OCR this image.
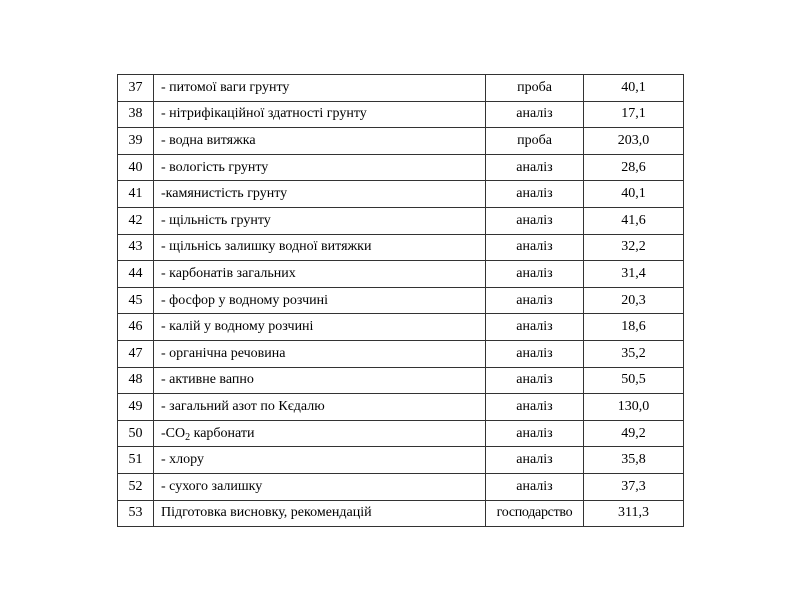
37	- питомої ваги грунту	проба	40,1
38	- нітрифікаційної здатності грунту	аналіз	17,1
39	- водна витяжка	проба	203,0
40	- вологість грунту	аналіз	28,6
41	-камянистість грунту	аналіз	40,1
42	- щільність грунту	аналіз	41,6
43	- щільнісь залишку водної витяжки	аналіз	32,2
44	- карбонатів загальних	аналіз	31,4
45	- фосфор у водному розчині	аналіз	20,3
46	- калій у водному розчині	аналіз	18,6
47	- органічна речовина	аналіз	35,2
48	- активне вапно	аналіз	50,5
49	- загальний азот по Кєдалю	аналіз	130,0
50	$-CO_2$ карбонати	аналіз	49,2
51	- хлору	аналіз	35,8
52	- сухого залишку	аналіз	37,3
53	Підготовка висновку, рекомендацій	господарство	311,3
